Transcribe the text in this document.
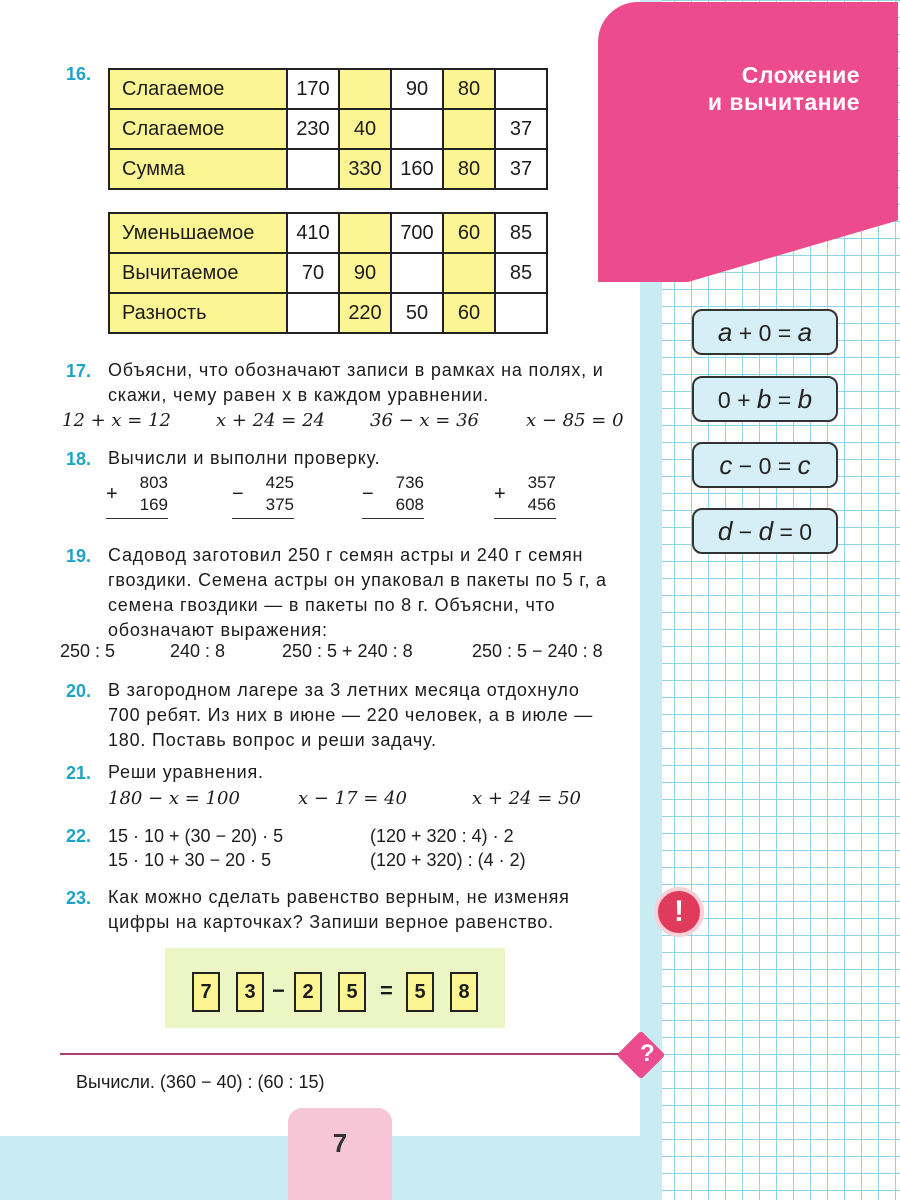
Сложение
и вычитание
16.
Слагаемое	170		90	80	
Слагаемое	230	40			37
Сумма		330	160	80	37
Уменьшаемое	410		700	60	85
Вычитаемое	70	90			85
Разность		220	50	60	
17. Объясни, что обозначают записи в рамках на полях, и скажи, чему равен x в каждом уравнении.
12 + x = 12 x + 24 = 24 36 − x = 36	x − 85 = 0
18. Вычисли и выполни проверку.
803
+	169
425
−	375
736
−	608
357
+	456
19. Садовод заготовил 250 г семян астры и 240 г семян гвоздики. Семена астры он упаковал в пакеты по 5 г, а семена гвоздики — в пакеты по 8 г. Объясни, что обозначают выражения:
250 : 5	240 : 8	250 : 5 + 240 : 8	250 : 5 − 240 : 8
20. В загородном лагере за 3 летних месяца отдохнуло 700 ребят. Из них в июне — 220 человек, а в июле — 180. Поставь вопрос и реши задачу.
21. Реши уравнения.
180 − x = 100	x − 17 = 40	x + 24 = 50
22. 15 · 10 + (30 − 20) · 5	(120 + 320 : 4) · 2
15 · 10 + 30 − 20 · 5	(120 + 320) : (4 · 2)
23. Как можно сделать равенство верным, не изменяя цифры на карточках? Запиши верное равенство.
7	3 − 2	5	=	5	8
?
Вычисли. (360 − 40) : (60 : 15)
!
a + 0 = a
0 + b = b
c − 0 = c
d − d = 0
7
